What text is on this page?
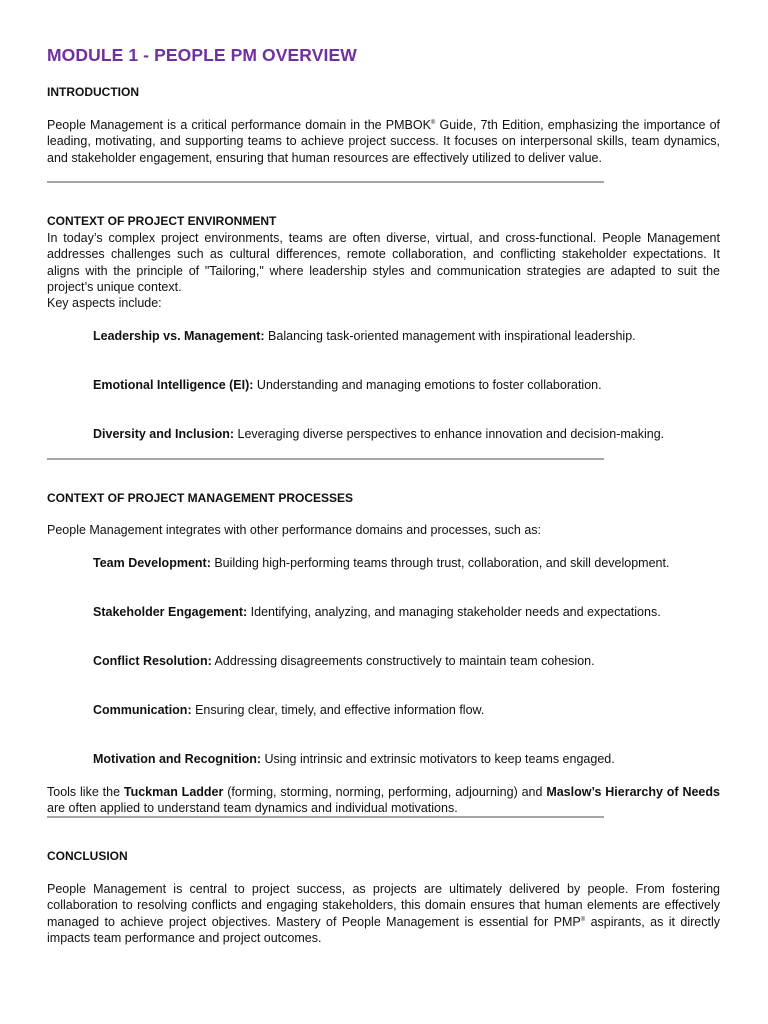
MODULE 1 - PEOPLE PM OVERVIEW
INTRODUCTION

People Management is a critical performance domain in the PMBOK® Guide, 7th Edition, emphasizing the importance of leading, motivating, and supporting teams to achieve project success. It focuses on interpersonal skills, team dynamics, and stakeholder engagement, ensuring that human resources are effectively utilized to deliver value.

CONTEXT OF PROJECT ENVIRONMENT

In today’s complex project environments, teams are often diverse, virtual, and cross-functional. People Management addresses challenges such as cultural differences, remote collaboration, and conflicting stakeholder expectations. It aligns with the principle of "Tailoring," where leadership styles and communication strategies are adapted to suit the project’s unique context.

Key aspects include:

Leadership vs. Management: Balancing task-oriented management with inspirational leadership.

Emotional Intelligence (EI): Understanding and managing emotions to foster collaboration.

Diversity and Inclusion: Leveraging diverse perspectives to enhance innovation and decision-making.

CONTEXT OF PROJECT MANAGEMENT PROCESSES

People Management integrates with other performance domains and processes, such as:

Team Development: Building high-performing teams through trust, collaboration, and skill development.

Stakeholder Engagement: Identifying, analyzing, and managing stakeholder needs and expectations.

Conflict Resolution: Addressing disagreements constructively to maintain team cohesion.

Communication: Ensuring clear, timely, and effective information flow.

Motivation and Recognition: Using intrinsic and extrinsic motivators to keep teams engaged.

Tools like the Tuckman Ladder (forming, storming, norming, performing, adjourning) and Maslow’s Hierarchy of Needs are often applied to understand team dynamics and individual motivations.

CONCLUSION

People Management is central to project success, as projects are ultimately delivered by people. From fostering collaboration to resolving conflicts and engaging stakeholders, this domain ensures that human elements are effectively managed to achieve project objectives. Mastery of People Management is essential for PMP® aspirants, as it directly impacts team performance and project outcomes.
